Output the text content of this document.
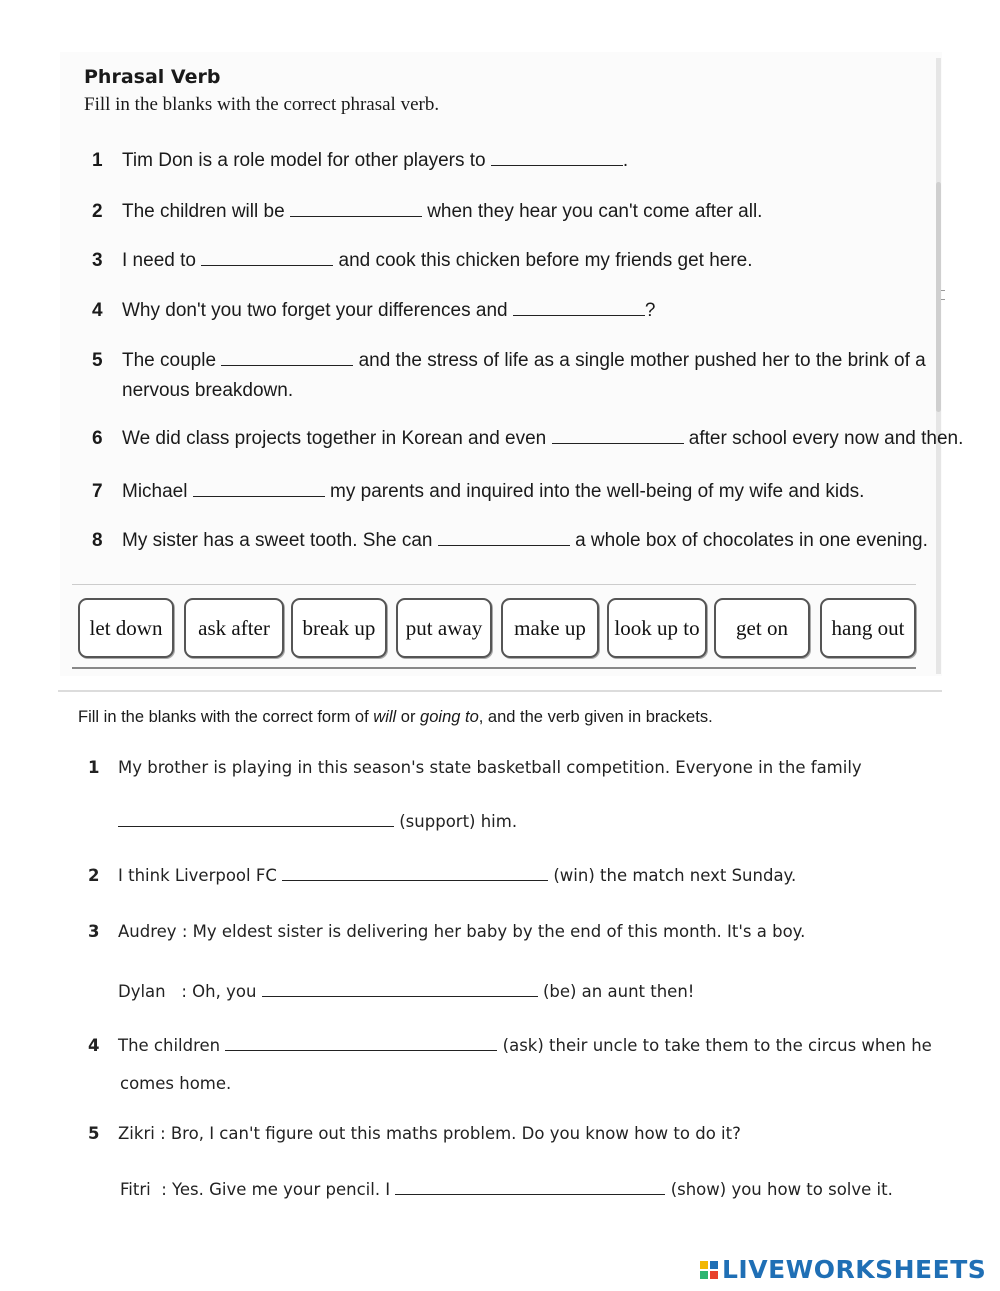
Phrasal Verb
Fill in the blanks with the correct phrasal verb.
1 Tim Don is a role model for other players to	.
2 The children will be	when they hear you can't come after all.
3 I need to	and cook this chicken before my friends get here.
4 Why don't you two forget your differences and	?
5 The couple	and the stress of life as a single mother pushed her to the brink of a
nervous breakdown.
6 We did class projects together in Korean and even	after school every now and then.
7 Michael	my parents and inquired into the well-being of my wife and kids.
8 My sister has a sweet tooth. She can	a whole box of chocolates in one evening.
let down	ask after	break up	put away	make up	look up to	get on	hang out
Fill in the blanks with the correct form of will or going to, and the verb given in brackets.
1 My brother is playing in this season's state basketball competition. Everyone in the family
(support) him.
2 I think Liverpool FC	(win) the match next Sunday.
3 Audrey : My eldest sister is delivering her baby by the end of this month. It's a boy.
Dylan : Oh, you	(be) an aunt then!
4 The children	(ask) their uncle to take them to the circus when he
comes home.
5 Zikri : Bro, I can't figure out this maths problem. Do you know how to do it?
Fitri : Yes. Give me your pencil. I	(show) you how to solve it.
LIVEWORKSHEETS
